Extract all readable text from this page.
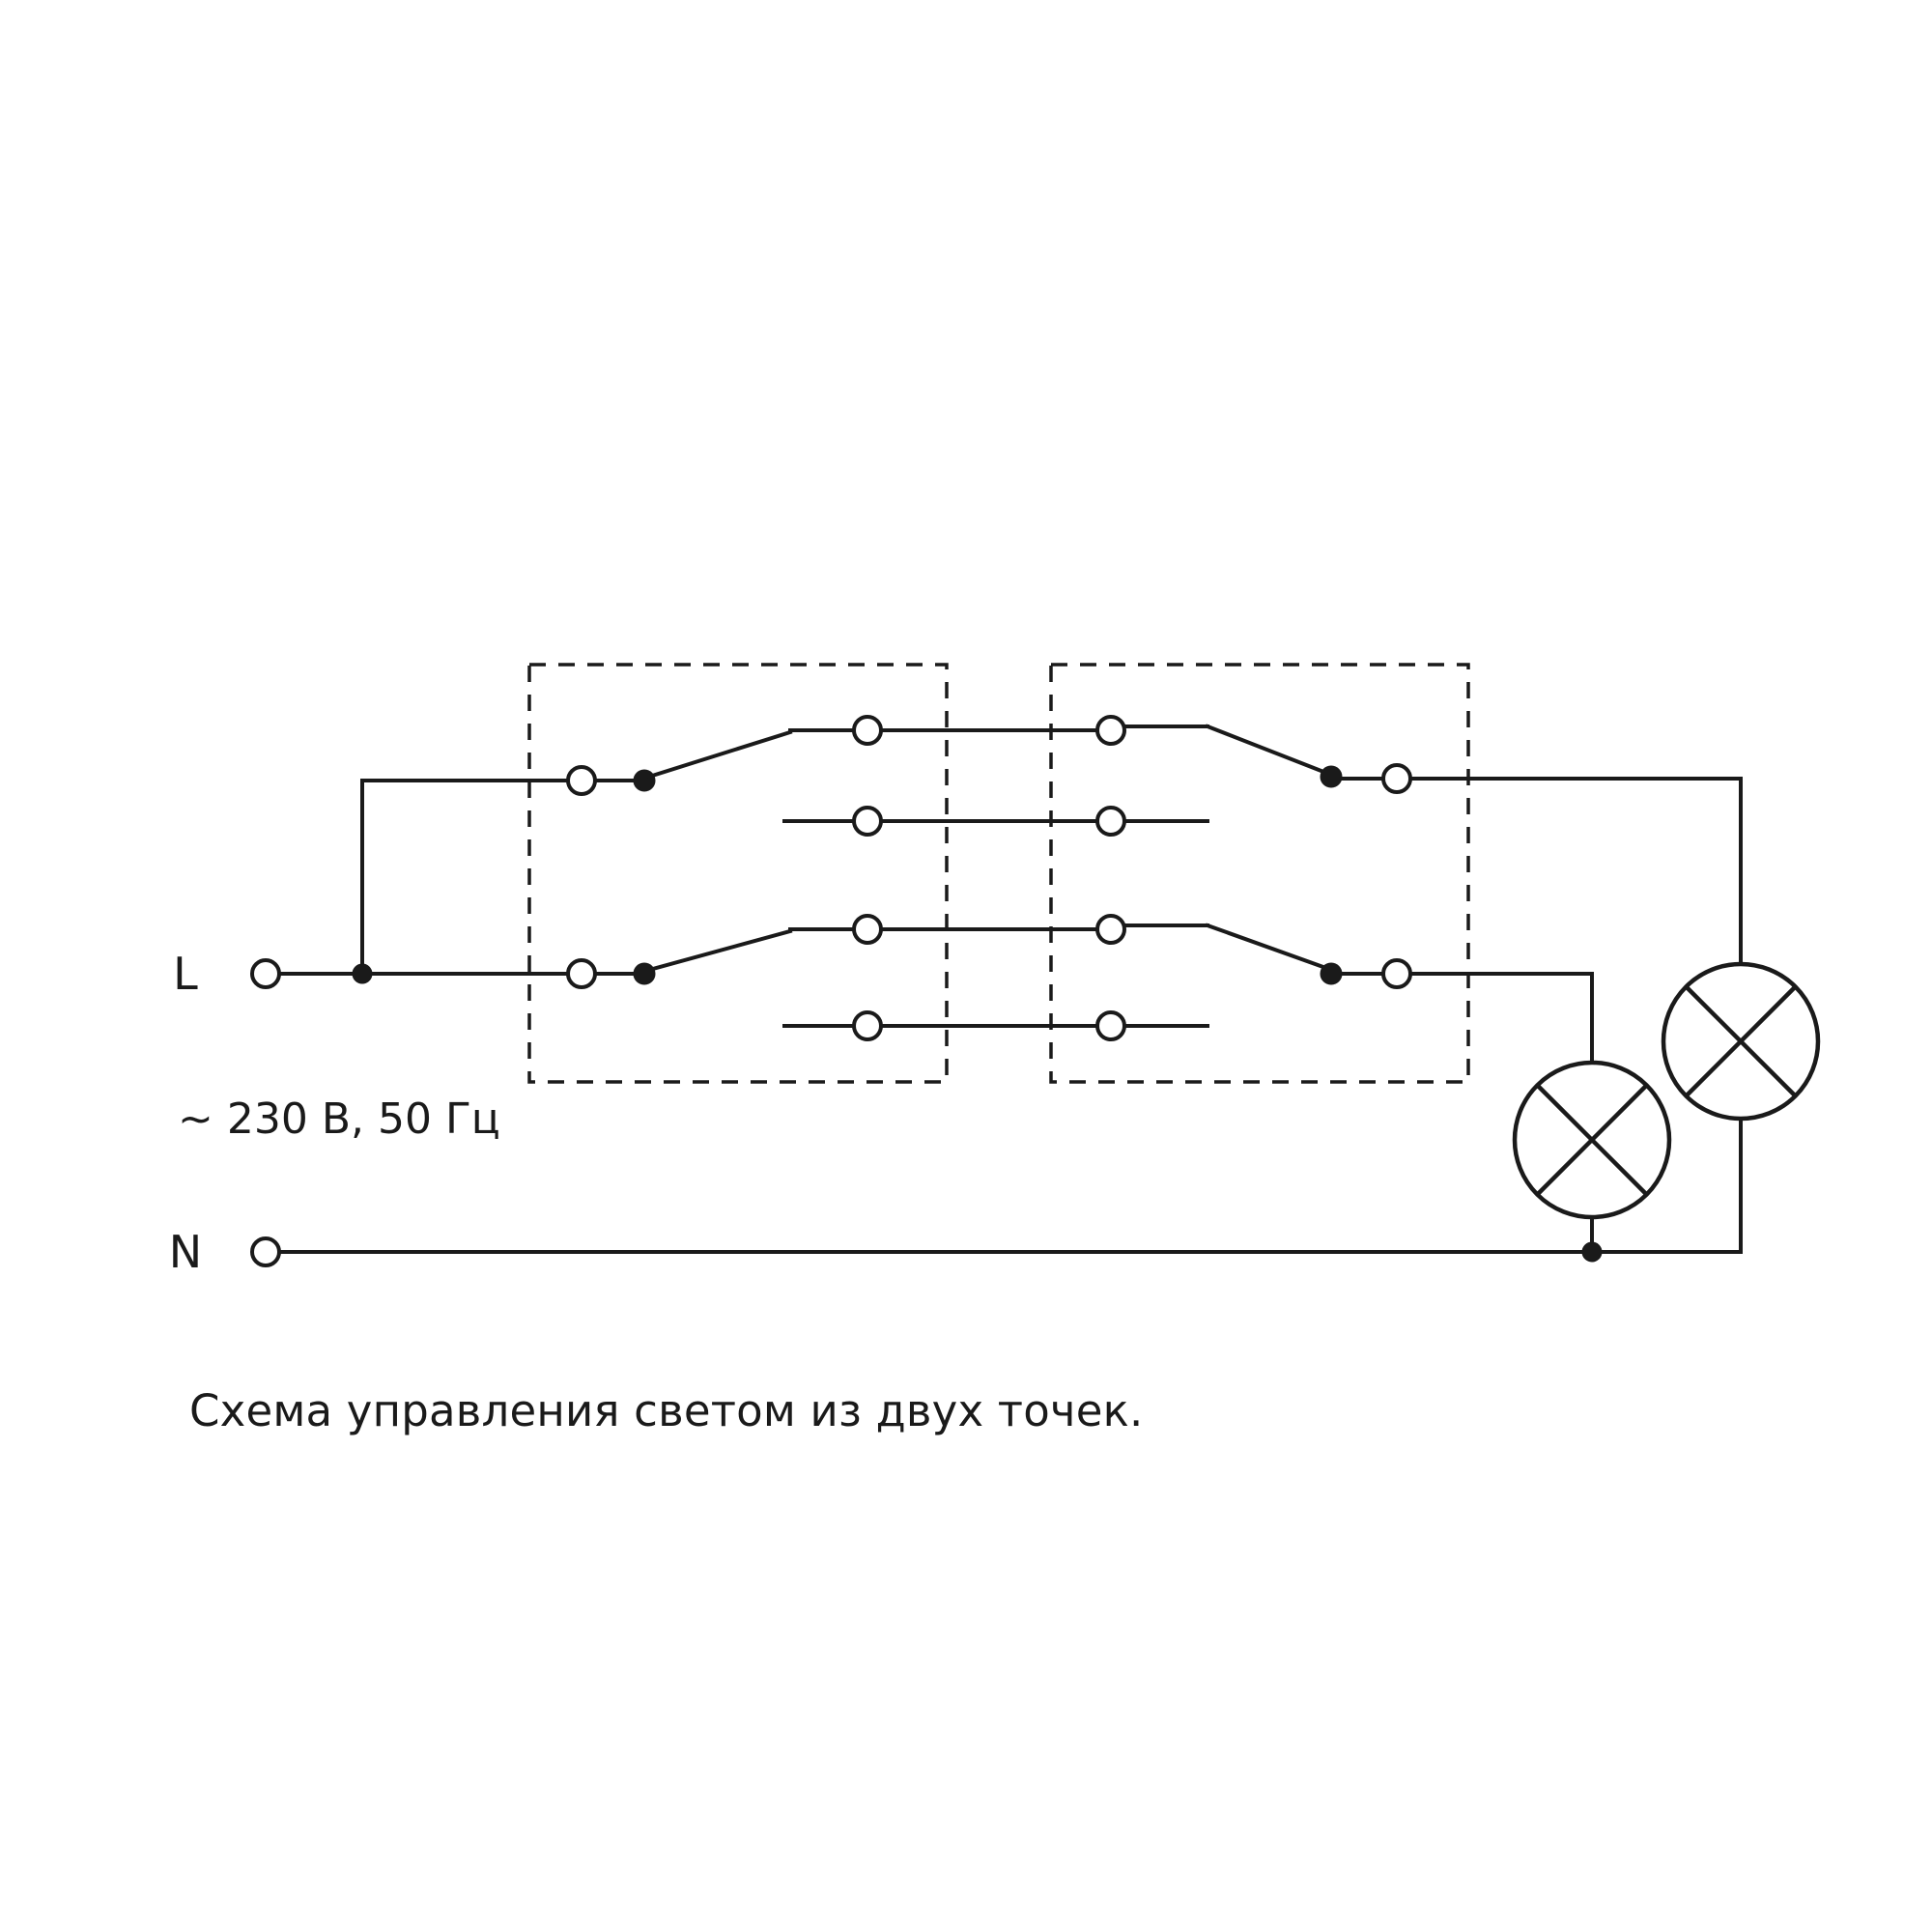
L
N
~ 230 В, 50 Гц
Схема управления светом из двух точек.
